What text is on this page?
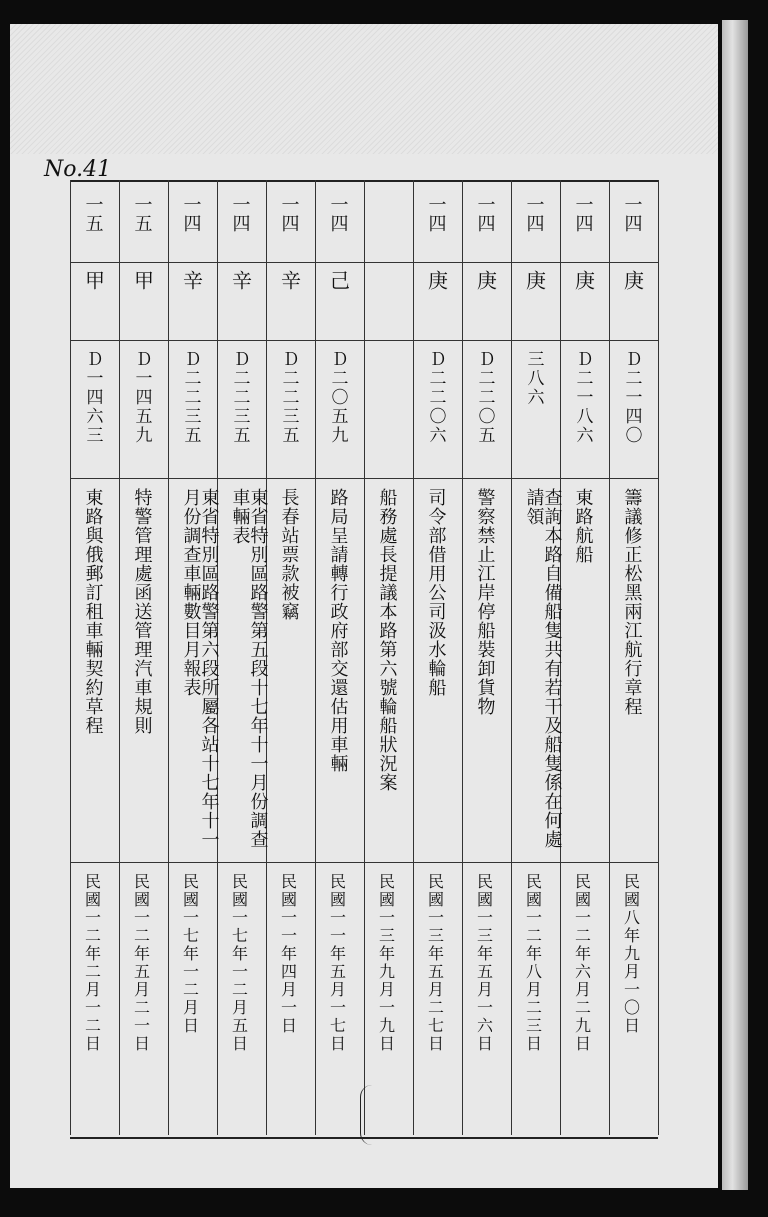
No.41
一四
庚
Ｄ二一四〇
籌議修正松黑兩江航行章程
民國八年九月一〇日
一四
庚
Ｄ二一八六
東路航船
民國一二年六月二九日
一四
庚
三八六
查詢本路自備船隻共有若干及船隻係在何處請領
民國一二年八月二三日
一四
庚
Ｄ二二〇五
警察禁止江岸停船裝卸貨物
民國一三年五月一六日
一四
庚
Ｄ二二〇六
司令部借用公司汲水輪船
民國一三年五月二七日
船務處長提議本路第六號輪船狀況案
民國一三年九月一九日
一四
己
Ｄ二〇五九
路局呈請轉行政府部交還估用車輛
民國一一年五月一七日
一四
辛
Ｄ二二三五
長春站票款被竊
民國一一年四月一日
一四
辛
Ｄ二二三五
東省特別區路警第五段十七年十一月份調查車輛表
民國一七年一二月五日
一四
辛
Ｄ二二三五
東省特別區路警第六段所屬各站十七年十一月份調查車輛數目月報表
民國一七年一二月日
一五
甲
Ｄ一四五九
特警管理處函送管理汽車規則
民國一二年五月二一日
一五
甲
Ｄ一四六三
東路與俄郵訂租車輛契約草程
民國一二年二月一二日
